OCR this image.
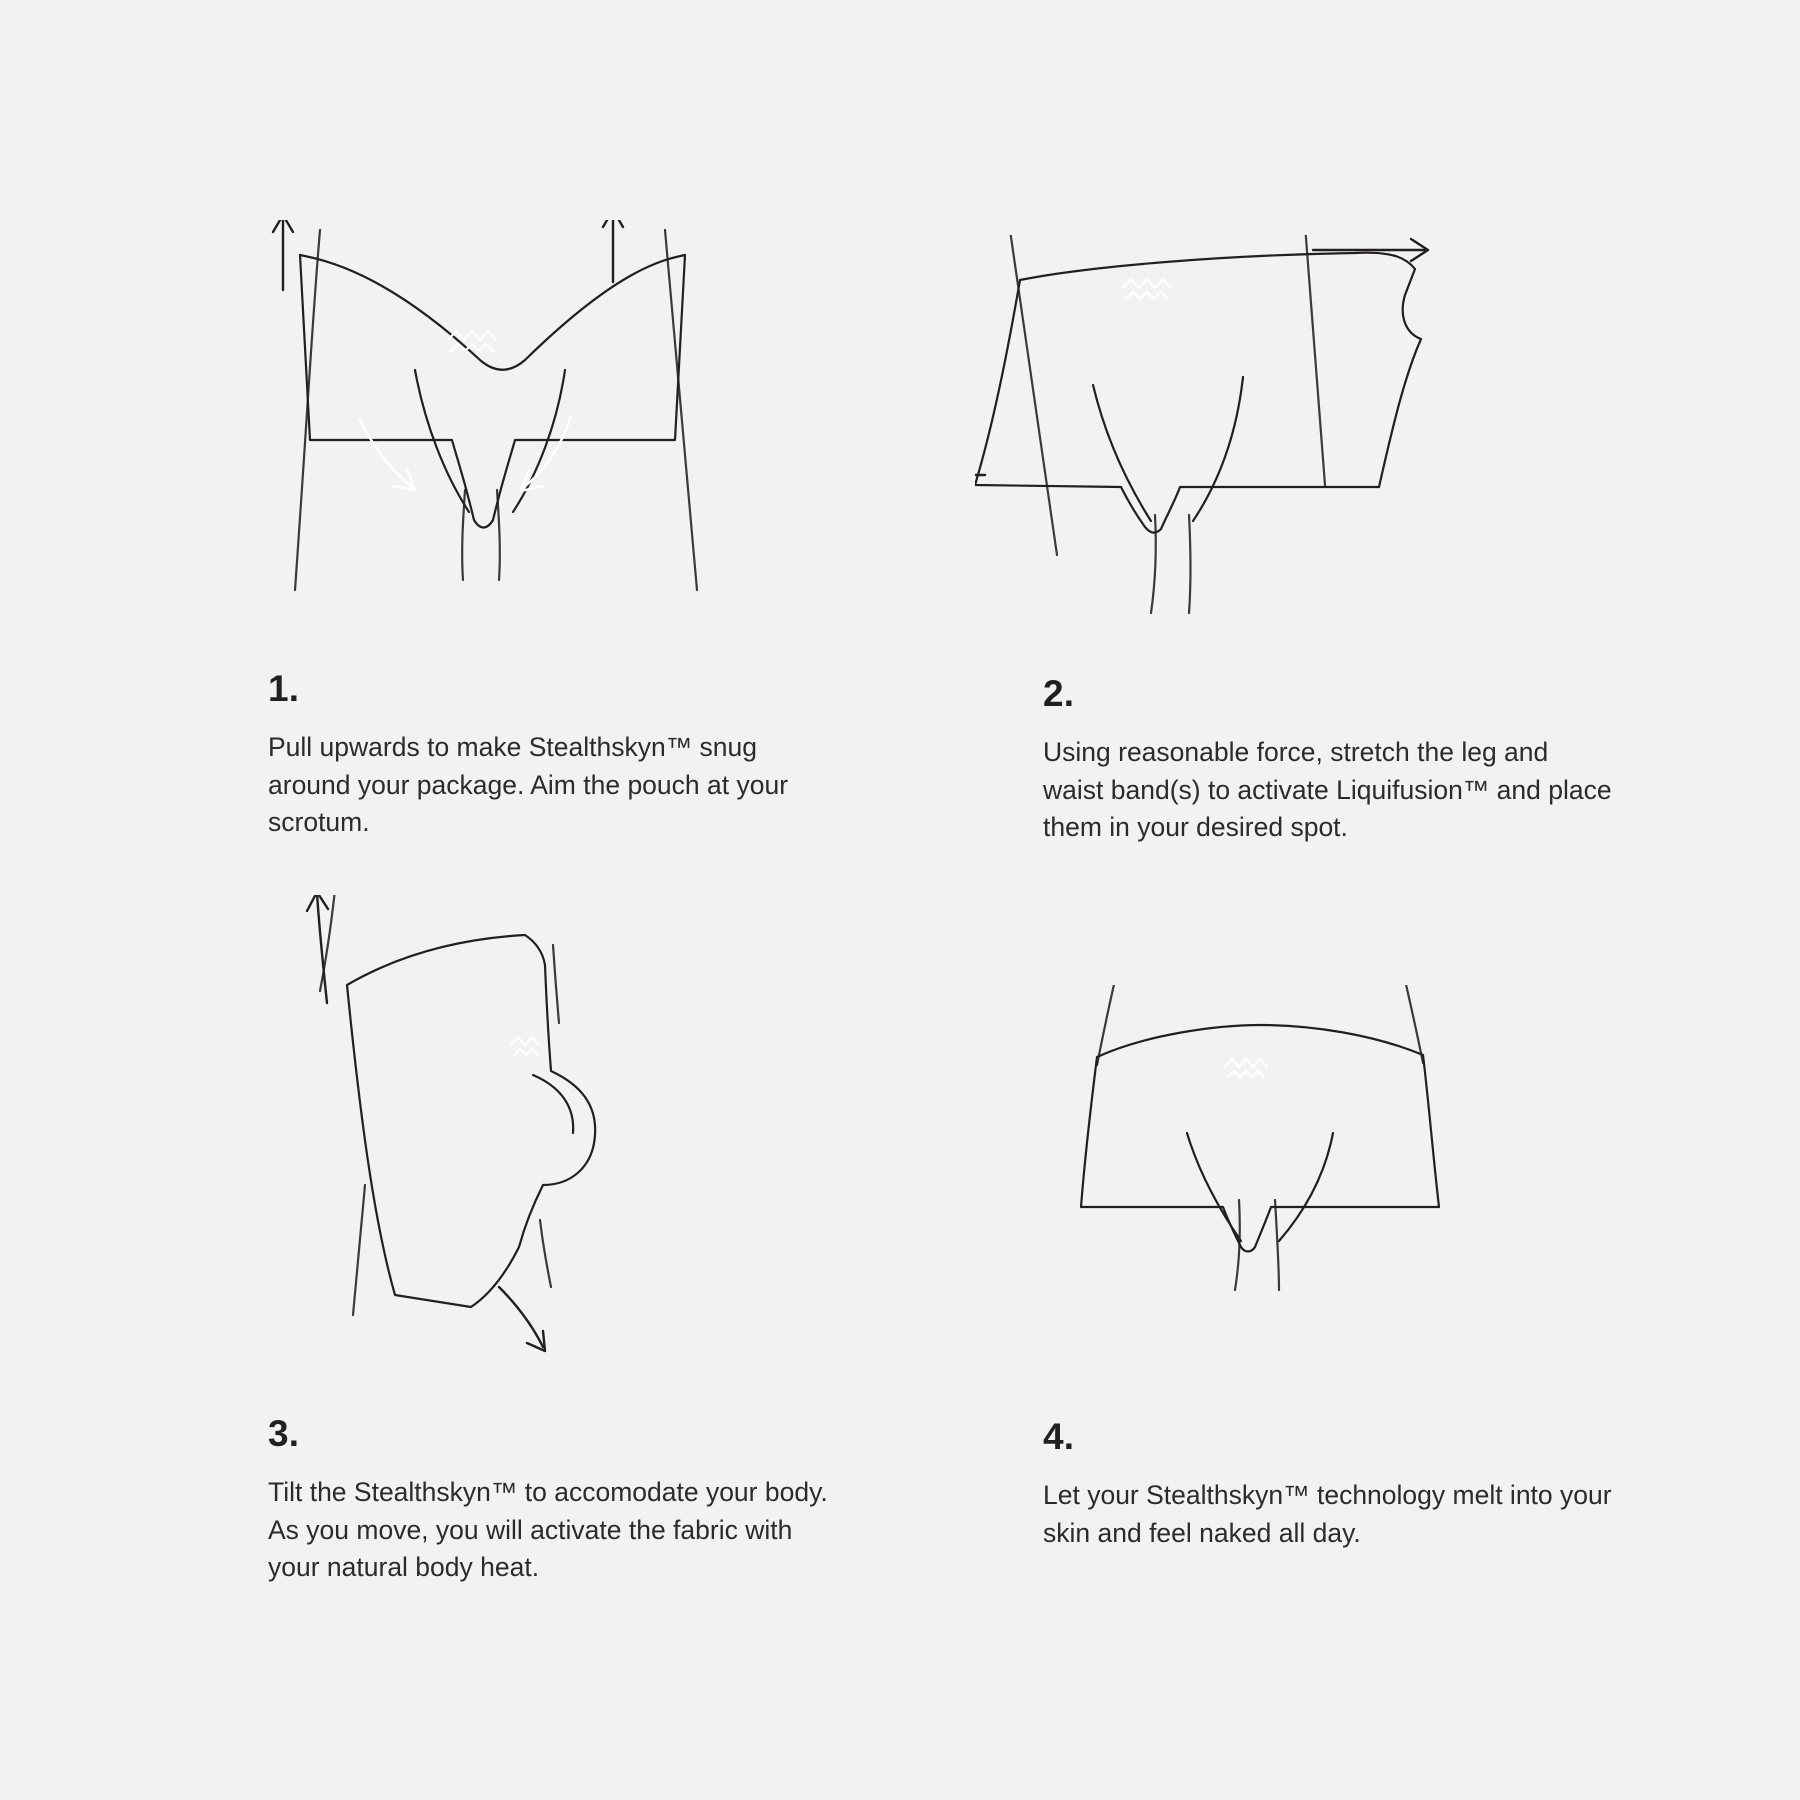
1.

Pull upwards to make Stealthskyn™ snug around your package. Aim the pouch at your scrotum.

2.

Using reasonable force, stretch the leg and waist band(s) to activate Liquifusion™ and place them in your desired spot.

3.

Tilt the Stealthskyn™ to accomodate your body. As you move, you will activate the fabric with your natural body heat.

4.

Let your Stealthskyn™ technology melt into your skin and feel naked all day.
